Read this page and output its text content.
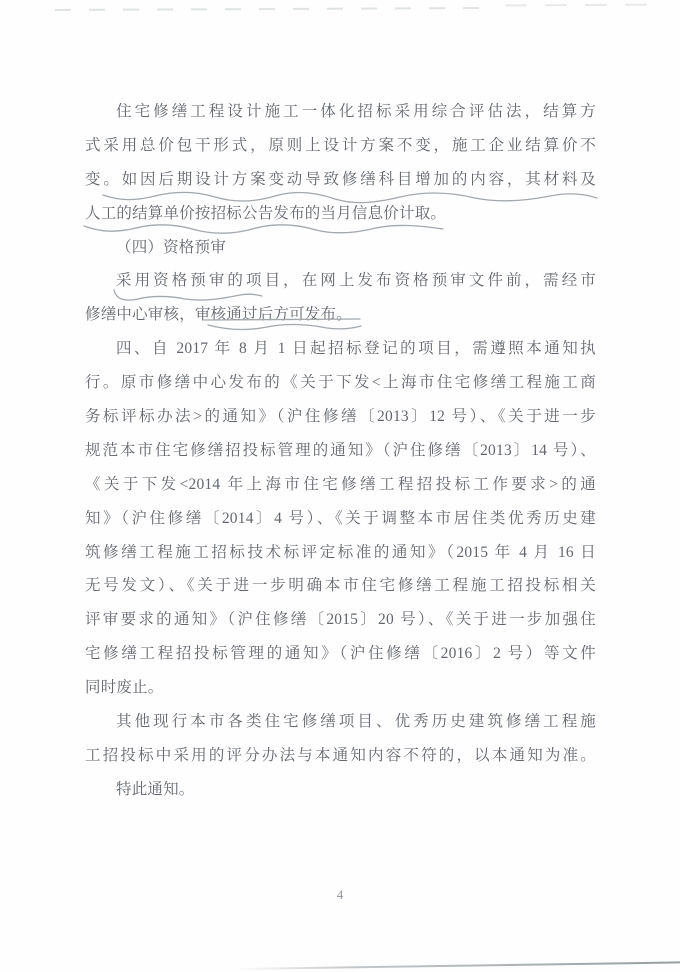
住宅修缮工程设计施工一体化招标采用综合评估法，结算方
式采用总价包干形式，原则上设计方案不变，施工企业结算价不
变。如因后期设计方案变动导致修缮科目增加的内容，其材料及
人工的结算单价按招标公告发布的当月信息价计取。
（四）资格预审
采用资格预审的项目，在网上发布资格预审文件前，需经市
修缮中心审核，审核通过后方可发布。
四、自 2017 年 8 月 1 日起招标登记的项目，需遵照本通知执
行。原市修缮中心发布的《关于下发<上海市住宅修缮工程施工商
务标评标办法>的通知》（沪住修缮〔2013〕12 号）、《关于进一步
规范本市住宅修缮招投标管理的通知》（沪住修缮〔2013〕14 号）、
《关于下发<2014 年上海市住宅修缮工程招投标工作要求>的通
知》（沪住修缮〔2014〕4 号）、《关于调整本市居住类优秀历史建
筑修缮工程施工招标技术标评定标准的通知》（2015 年 4 月 16 日
无号发文）、《关于进一步明确本市住宅修缮工程施工招投标相关
评审要求的通知》（沪住修缮〔2015〕20 号）、《关于进一步加强住
宅修缮工程招投标管理的通知》（沪住修缮〔2016〕2 号）等文件
同时废止。
其他现行本市各类住宅修缮项目、优秀历史建筑修缮工程施
工招投标中采用的评分办法与本通知内容不符的，以本通知为准。
特此通知。
4
